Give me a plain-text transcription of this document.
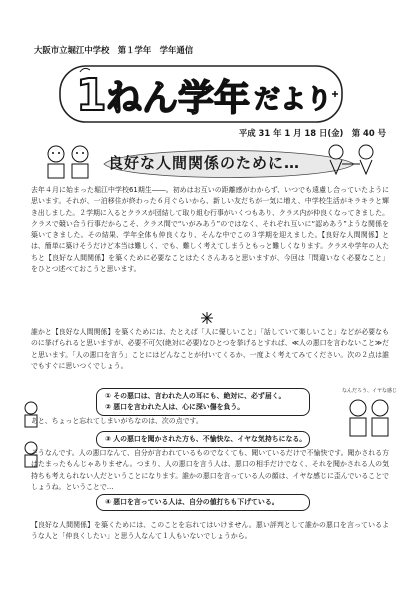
大阪市立堀江中学校　第１学年　学年通信
1 ねん学年 だより
平成 31 年 1 月 18 日(金)　第 40 号
良好な人間関係のために…
去年４月に始まった堀江中学校61期生――。初めはお互いの距離感がわからず、いつでも遠慮し合っていたように思います。それが、一泊移住が終わった６月ぐらいから、新しい友だちが一気に増え、中学校生活がキラキラと輝き出しました。２学期に入るとクラスが団結して取り組む行事がいくつもあり、クラス内が仲良くなってきました。クラスで競い合う行事だからこそ、クラス間で“いがみあう”のではなく、それぞれ互いに“認めあう”ような関係を築いてきました。その結果、学年全体も仲良くなり、そんな中でこの３学期を迎えました。【良好な人間関係】とは、簡単に築けそうだけど本当は難しく、でも、難しく考えてしまうともっと難しくなります。クラスや学年の人たちと【良好な人間関係】を築くために必要なことはたくさんあると思いますが、今回は「問違いなく必要なこと」をひとつ述べておこうと思います。
誰かと【良好な人間関係】を築くためには、たとえば「人に優しいこと」「話していて楽しいこと」などが必要なものに挙げられると思いますが、必要不可欠(絶対に必要)なひとつを挙げるとすれば、≪人の悪口を言わないこと≫だと思います。「人の悪口を言う」ことにはどんなことが付いてくるか、一度よく考えてみてください。次の２点は誰でもすぐに思いつくでしょう。
① その悪口は、言われた人の耳にも、絶対に、必ず届く。
② 悪口を言われた人は、心に深い傷を負う。
なんだろう、イヤな感じ
あと、ちょっと忘れてしまいがちなのは、次の点です。
③ 人の悪口を聞かされた方も、不愉快な、イヤな気持ちになる。
そうなんです。人の悪口なんて、自分が言われているものでなくても、聞いているだけで不愉快です。聞かされる方はたまったもんじゃありません。つまり、人の悪口を言う人は、悪口の相手だけでなく、それを聞かされる人の気持ちも考えられない人だということになります。誰かの悪口を言っている人の顔は、イヤな感じに歪んでいることでしょうね。ということで…
④ 悪口を言っている人は、自分の値打ちも下げている。
【良好な人間関係】を築くためには、このことを忘れてはいけません。悪い評判として誰かの悪口を言っているような人と「仲良くしたい」と思う人なんて１人もいないでしょうから。
